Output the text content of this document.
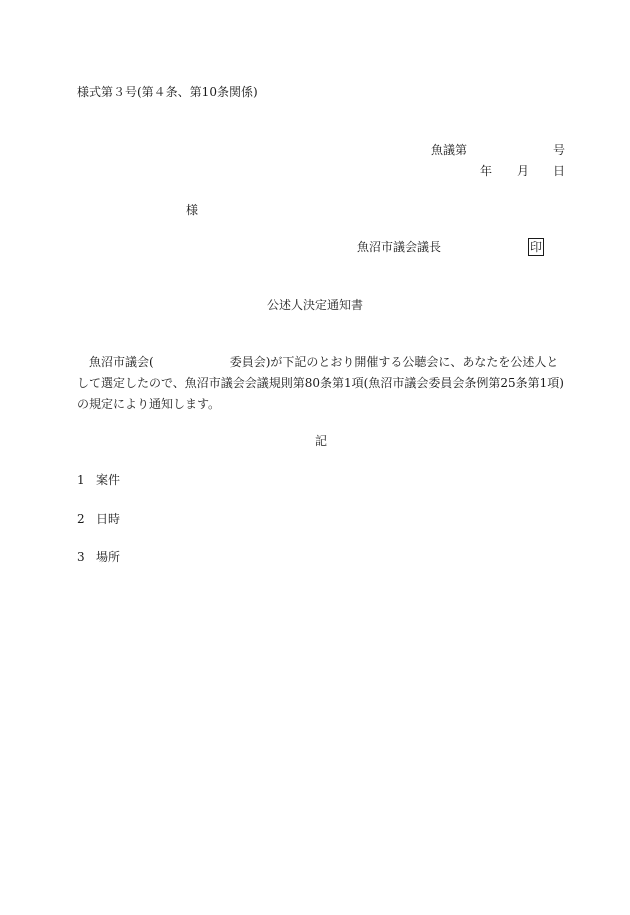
様式第３号(第４条、第10条関係)
魚議第	号
年 月 日
様
魚沼市議会議長	印
公述人決定通知書
魚沼市議会(	委員会)が下記のとおり開催する公聴会に、あなたを公述人と
して選定したので、魚沼市議会会議規則第80条第1項(魚沼市議会委員会条例第25条第1項)
の規定により通知します。
記
1 案件
2 日時
3 場所
